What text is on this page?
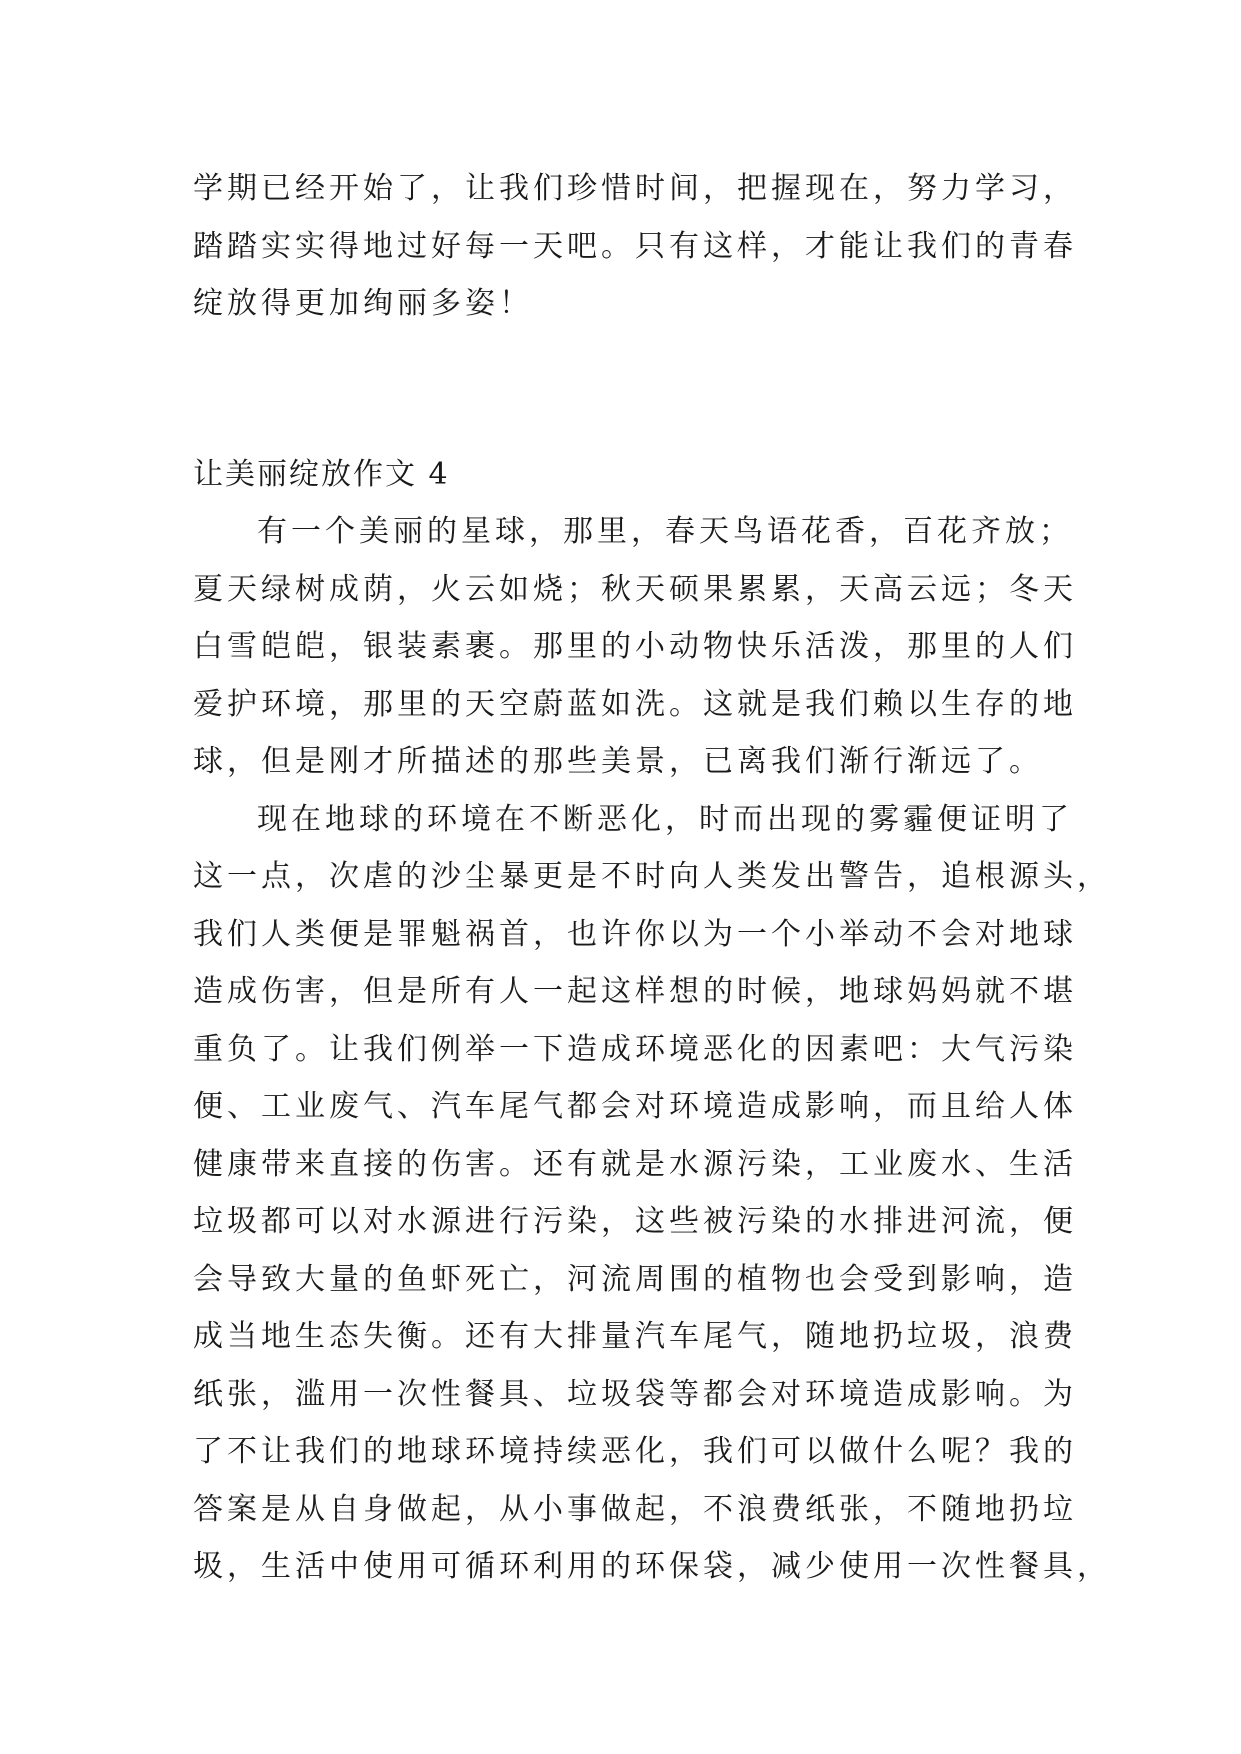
学期已经开始了，让我们珍惜时间，把握现在，努力学习，
踏踏实实得地过好每一天吧。只有这样，才能让我们的青春
绽放得更加绚丽多姿！
让美丽绽放作文 4
有一个美丽的星球，那里，春天鸟语花香，百花齐放；
夏天绿树成荫，火云如烧；秋天硕果累累，天高云远；冬天
白雪皑皑，银装素裹。那里的小动物快乐活泼，那里的人们
爱护环境，那里的天空蔚蓝如洗。这就是我们赖以生存的地
球，但是刚才所描述的那些美景，已离我们渐行渐远了。
现在地球的环境在不断恶化，时而出现的雾霾便证明了
这一点，次虐的沙尘暴更是不时向人类发出警告，追根源头，
我们人类便是罪魁祸首，也许你以为一个小举动不会对地球
造成伤害，但是所有人一起这样想的时候，地球妈妈就不堪
重负了。让我们例举一下造成环境恶化的因素吧：大气污染
便、工业废气、汽车尾气都会对环境造成影响，而且给人体
健康带来直接的伤害。还有就是水源污染，工业废水、生活
垃圾都可以对水源进行污染，这些被污染的水排进河流，便
会导致大量的鱼虾死亡，河流周围的植物也会受到影响，造
成当地生态失衡。还有大排量汽车尾气，随地扔垃圾，浪费
纸张，滥用一次性餐具、垃圾袋等都会对环境造成影响。为
了不让我们的地球环境持续恶化，我们可以做什么呢？我的
答案是从自身做起，从小事做起，不浪费纸张，不随地扔垃
圾，生活中使用可循环利用的环保袋，减少使用一次性餐具，
